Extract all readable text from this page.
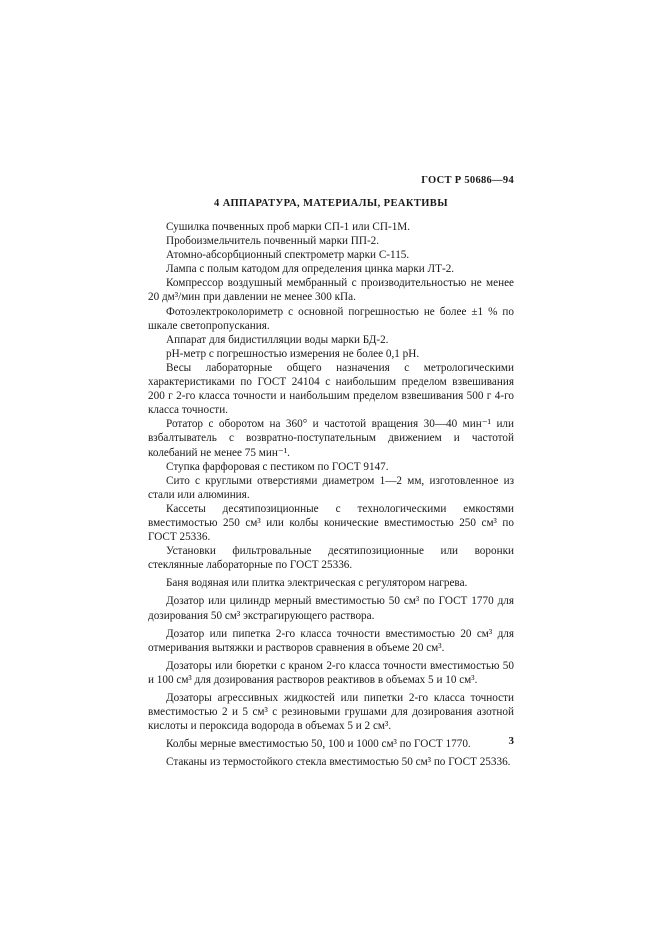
ГОСТ Р 50686—94
4 АППАРАТУРА, МАТЕРИАЛЫ, РЕАКТИВЫ

Сушилка почвенных проб марки СП-1 или СП-1М.

Пробоизмельчитель почвенный марки ПП-2.

Атомно-абсорбционный спектрометр марки С-115.

Лампа с полым катодом для определения цинка марки ЛТ-2.

Компрессор воздушный мембранный с производительностью не менее 20 дм³/мин при давлении не менее 300 кПа.

Фотоэлектроколориметр с основной погрешностью не более ±1 % по шкале светопропускания.

Аппарат для бидистилляции воды марки БД-2.

pH-метр с погрешностью измерения не более 0,1 pH.

Весы лабораторные общего назначения с метрологическими характеристиками по ГОСТ 24104 с наибольшим пределом взвешивания 200 г 2-го класса точности и наибольшим пределом взвешивания 500 г 4-го класса точности.

Ротатор с оборотом на 360° и частотой вращения 30—40 мин⁻¹ или взбалтыватель с возвратно-поступательным движением и частотой колебаний не менее 75 мин⁻¹.

Ступка фарфоровая с пестиком по ГОСТ 9147.

Сито с круглыми отверстиями диаметром 1—2 мм, изготовленное из стали или алюминия.

Кассеты десятипозиционные с технологическими емкостями вместимостью 250 см³ или колбы конические вместимостью 250 см³ по ГОСТ 25336.

Установки фильтровальные десятипозиционные или воронки стеклянные лабораторные по ГОСТ 25336.

Баня водяная или плитка электрическая с регулятором нагрева.

Дозатор или цилиндр мерный вместимостью 50 см³ по ГОСТ 1770 для дозирования 50 см³ экстрагирующего раствора.

Дозатор или пипетка 2-го класса точности вместимостью 20 см³ для отмеривания вытяжки и растворов сравнения в объеме 20 см³.

Дозаторы или бюретки с краном 2-го класса точности вместимостью 50 и 100 см³ для дозирования растворов реактивов в объемах 5 и 10 см³.

Дозаторы агрессивных жидкостей или пипетки 2-го класса точности вместимостью 2 и 5 см³ с резиновыми грушами для дозирования азотной кислоты и пероксида водорода в объемах 5 и 2 см³.

Колбы мерные вместимостью 50, 100 и 1000 см³ по ГОСТ 1770.

Стаканы из термостойкого стекла вместимостью 50 см³ по ГОСТ 25336.

3
